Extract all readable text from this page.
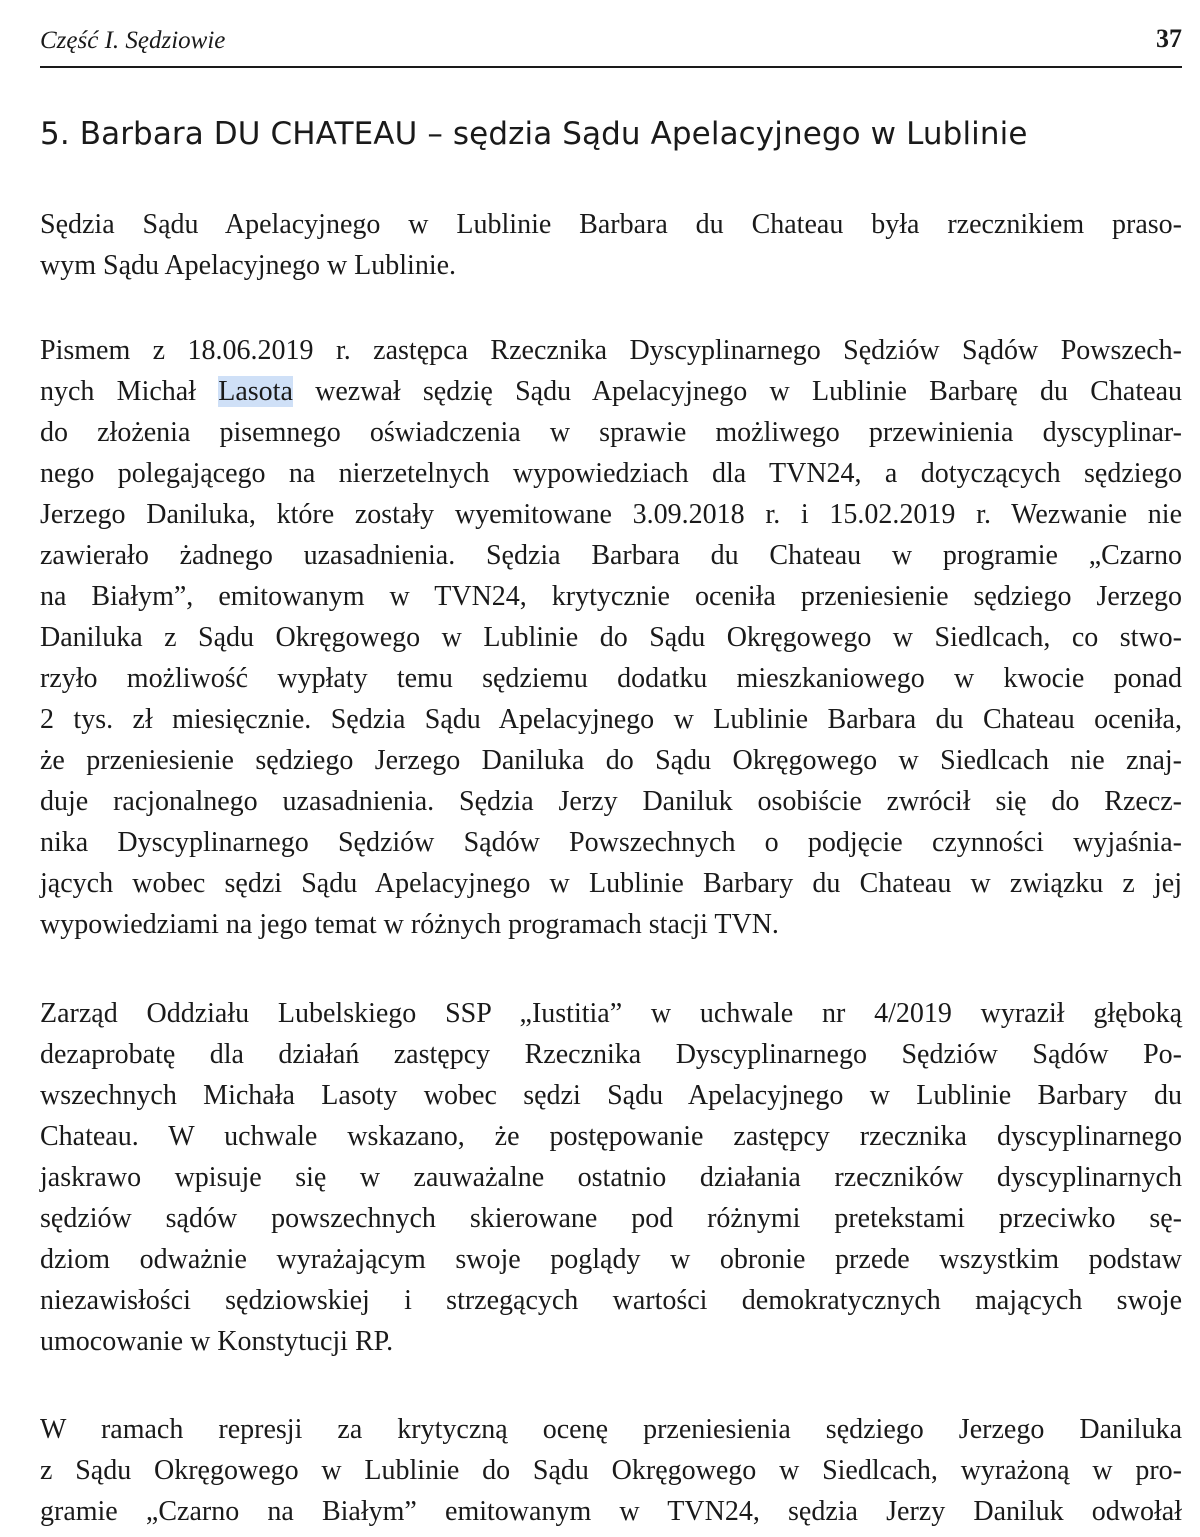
Część I. Sędziowie	37
5. Barbara DU CHATEAU – sędzia Sądu Apelacyjnego w Lublinie
Sędzia Sądu Apelacyjnego w Lublinie Barbara du Chateau była rzecznikiem praso-
wym Sądu Apelacyjnego w Lublinie.
Pismem z 18.06.2019 r. zastępca Rzecznika Dyscyplinarnego Sędziów Sądów Powszech-
nych Michał Lasota wezwał sędzię Sądu Apelacyjnego w Lublinie Barbarę du Chateau
do złożenia pisemnego oświadczenia w sprawie możliwego przewinienia dyscyplinar-
nego polegającego na nierzetelnych wypowiedziach dla TVN24, a dotyczących sędziego
Jerzego Daniluka, które zostały wyemitowane 3.09.2018 r. i 15.02.2019 r. Wezwanie nie
zawierało żadnego uzasadnienia. Sędzia Barbara du Chateau w programie „Czarno
na Białym”, emitowanym w TVN24, krytycznie oceniła przeniesienie sędziego Jerzego
Daniluka z Sądu Okręgowego w Lublinie do Sądu Okręgowego w Siedlcach, co stwo-
rzyło możliwość wypłaty temu sędziemu dodatku mieszkaniowego w kwocie ponad
2 tys. zł miesięcznie. Sędzia Sądu Apelacyjnego w Lublinie Barbara du Chateau oceniła,
że przeniesienie sędziego Jerzego Daniluka do Sądu Okręgowego w Siedlcach nie znaj-
duje racjonalnego uzasadnienia. Sędzia Jerzy Daniluk osobiście zwrócił się do Rzecz-
nika Dyscyplinarnego Sędziów Sądów Powszechnych o podjęcie czynności wyjaśnia-
jących wobec sędzi Sądu Apelacyjnego w Lublinie Barbary du Chateau w związku z jej
wypowiedziami na jego temat w różnych programach stacji TVN.
Zarząd Oddziału Lubelskiego SSP „Iustitia” w uchwale nr 4/2019 wyraził głęboką
dezaprobatę dla działań zastępcy Rzecznika Dyscyplinarnego Sędziów Sądów Po-
wszechnych Michała Lasoty wobec sędzi Sądu Apelacyjnego w Lublinie Barbary du
Chateau. W uchwale wskazano, że postępowanie zastępcy rzecznika dyscyplinarnego
jaskrawo wpisuje się w zauważalne ostatnio działania rzeczników dyscyplinarnych
sędziów sądów powszechnych skierowane pod różnymi pretekstami przeciwko sę-
dziom odważnie wyrażającym swoje poglądy w obronie przede wszystkim podstaw
niezawisłości sędziowskiej i strzegących wartości demokratycznych mających swoje
umocowanie w Konstytucji RP.
W ramach represji za krytyczną ocenę przeniesienia sędziego Jerzego Daniluka
z Sądu Okręgowego w Lublinie do Sądu Okręgowego w Siedlcach, wyrażoną w pro-
gramie „Czarno na Białym” emitowanym w TVN24, sędzia Jerzy Daniluk odwołał
